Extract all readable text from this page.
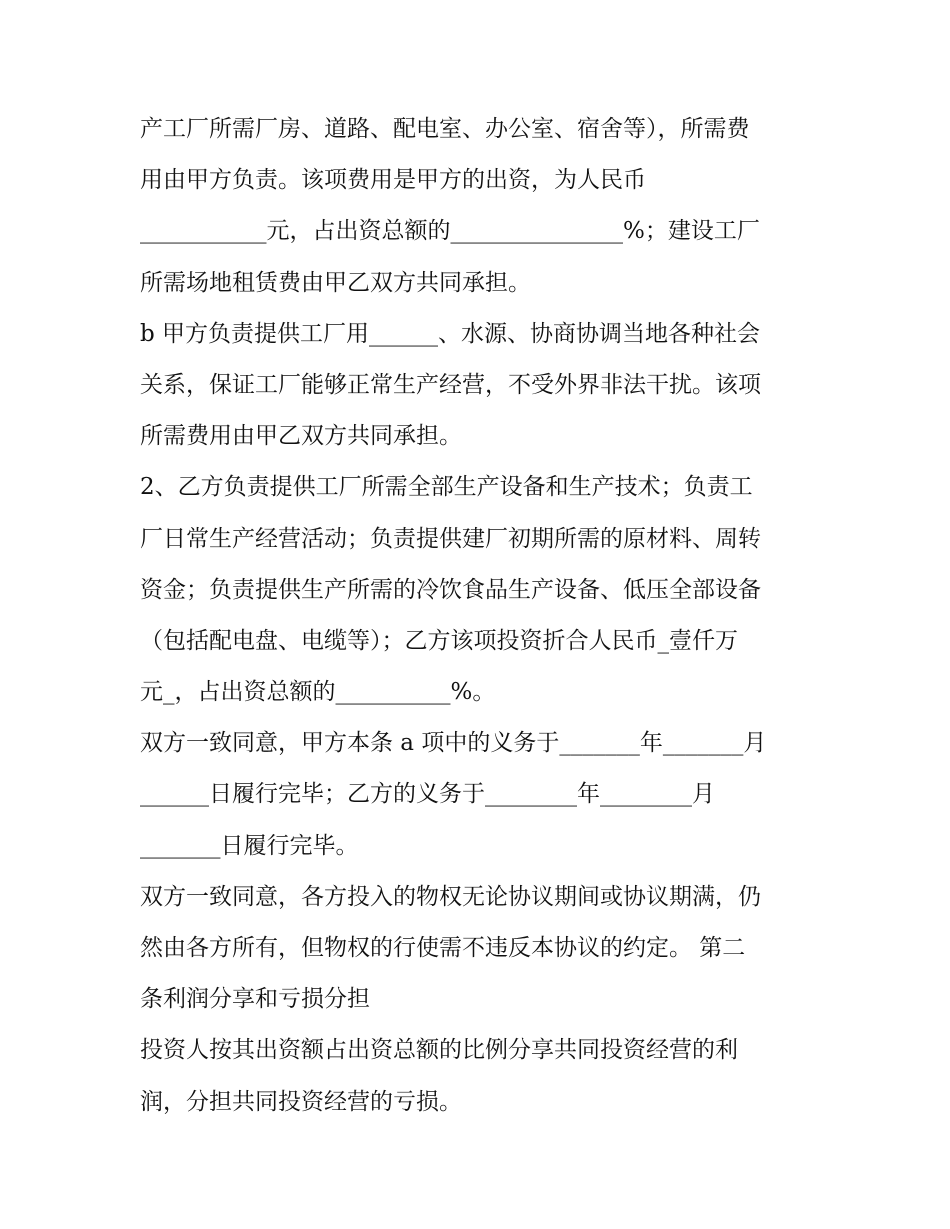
产工厂所需厂房、道路、配电室、办公室、宿舍等），所需费
用由甲方负责。该项费用是甲方的出资，为人民币
___________元，占出资总额的_______________%；建设工厂
所需场地租赁费由甲乙双方共同承担。
b 甲方负责提供工厂用______、水源、协商协调当地各种社会
关系，保证工厂能够正常生产经营，不受外界非法干扰。该项
所需费用由甲乙双方共同承担。
2、乙方负责提供工厂所需全部生产设备和生产技术；负责工
厂日常生产经营活动；负责提供建厂初期所需的原材料、周转
资金；负责提供生产所需的冷饮食品生产设备、低压全部设备
（包括配电盘、电缆等）；乙方该项投资折合人民币_壹仟万
元_，占出资总额的__________%。
双方一致同意，甲方本条 a 项中的义务于_______年_______月
______日履行完毕；乙方的义务于________年________月
_______日履行完毕。
双方一致同意，各方投入的物权无论协议期间或协议期满，仍
然由各方所有，但物权的行使需不违反本协议的约定。 第二
条利润分享和亏损分担
投资人按其出资额占出资总额的比例分享共同投资经营的利
润，分担共同投资经营的亏损。
